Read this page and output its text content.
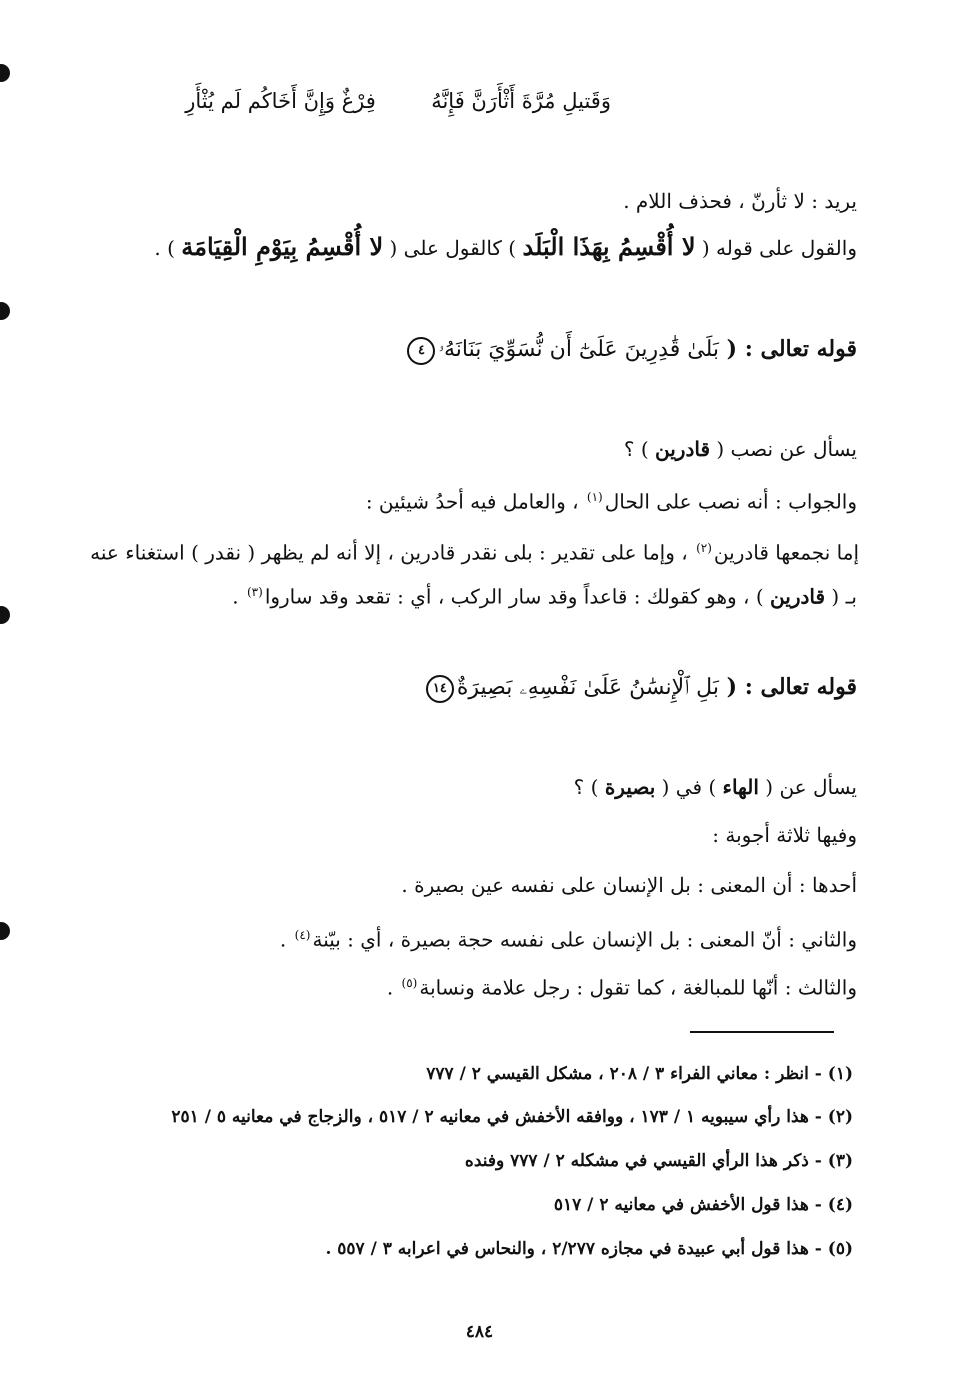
وَقَتيلِ مُرَّةَ أَثْأَرَنَّ فَإِنَّهُ  فِرْغٌ وَإِنَّ أَخَاكُم لَم يُثْأَرِ
يريد : لا ثأرنّ ، فحذف اللام .
والقول على قوله ( لا أُقْسِمُ بِهَذَا الْبَلَد ) كالقول على ( لا أُقْسِمُ بِيَوْمِ الْقِيَامَة ) .
قوله تعالى : ( بَلَىٰ قَٰدِرِينَ عَلَىٰٓ أَن نُّسَوِّيَ بَنَانَهُۥ٤
يسأل عن نصب ( قادرين ) ؟
والجواب : أنه نصب على الحال$^{(١)}$ ، والعامل فيه أحدُ شيئين :
إما نجمعها قادرين$^{(٢)}$ ، وإما على تقدير : بلى نقدر قادرين ، إلا أنه لم يظهر ( نقدر ) استغناء عنه
بـ ( قادرين ) ، وهو كقولك : قاعداً وقد سار الركب ، أي : تقعد وقد ساروا$^{(٣)}$ .
قوله تعالى : ( بَلِ ٱلْإِنسَٰنُ عَلَىٰ نَفْسِهِۦ بَصِيرَةٌ١٤
يسأل عن ( الهاء ) في ( بصيرة ) ؟
وفيها ثلاثة أجوبة :
أحدها : أن المعنى : بل الإنسان على نفسه عين بصيرة .
والثاني : أنّ المعنى : بل الإنسان على نفسه حجة بصيرة ، أي : بيّنة$^{(٤)}$ .
والثالث : أنّها للمبالغة ، كما تقول : رجل علامة ونسابة$^{(٥)}$ .
(١) - انظر : معاني الفراء ٣ / ٢٠٨ ، مشكل القيسي ٢ / ٧٧٧
(٢) - هذا رأي سيبويه ١ / ١٧٣ ، ووافقه الأخفش في معانيه ٢ / ٥١٧ ، والزجاج في معانيه ٥ / ٢٥١
(٣) - ذكر هذا الرأي القيسي في مشكله ٢ / ٧٧٧ وفنده
(٤) - هذا قول الأخفش في معانيه ٢ / ٥١٧
(٥) - هذا قول أبي عبيدة في مجازه ٢/٢٧٧ ، والنحاس في اعرابه ٣ / ٥٥٧ .
٤٨٤
